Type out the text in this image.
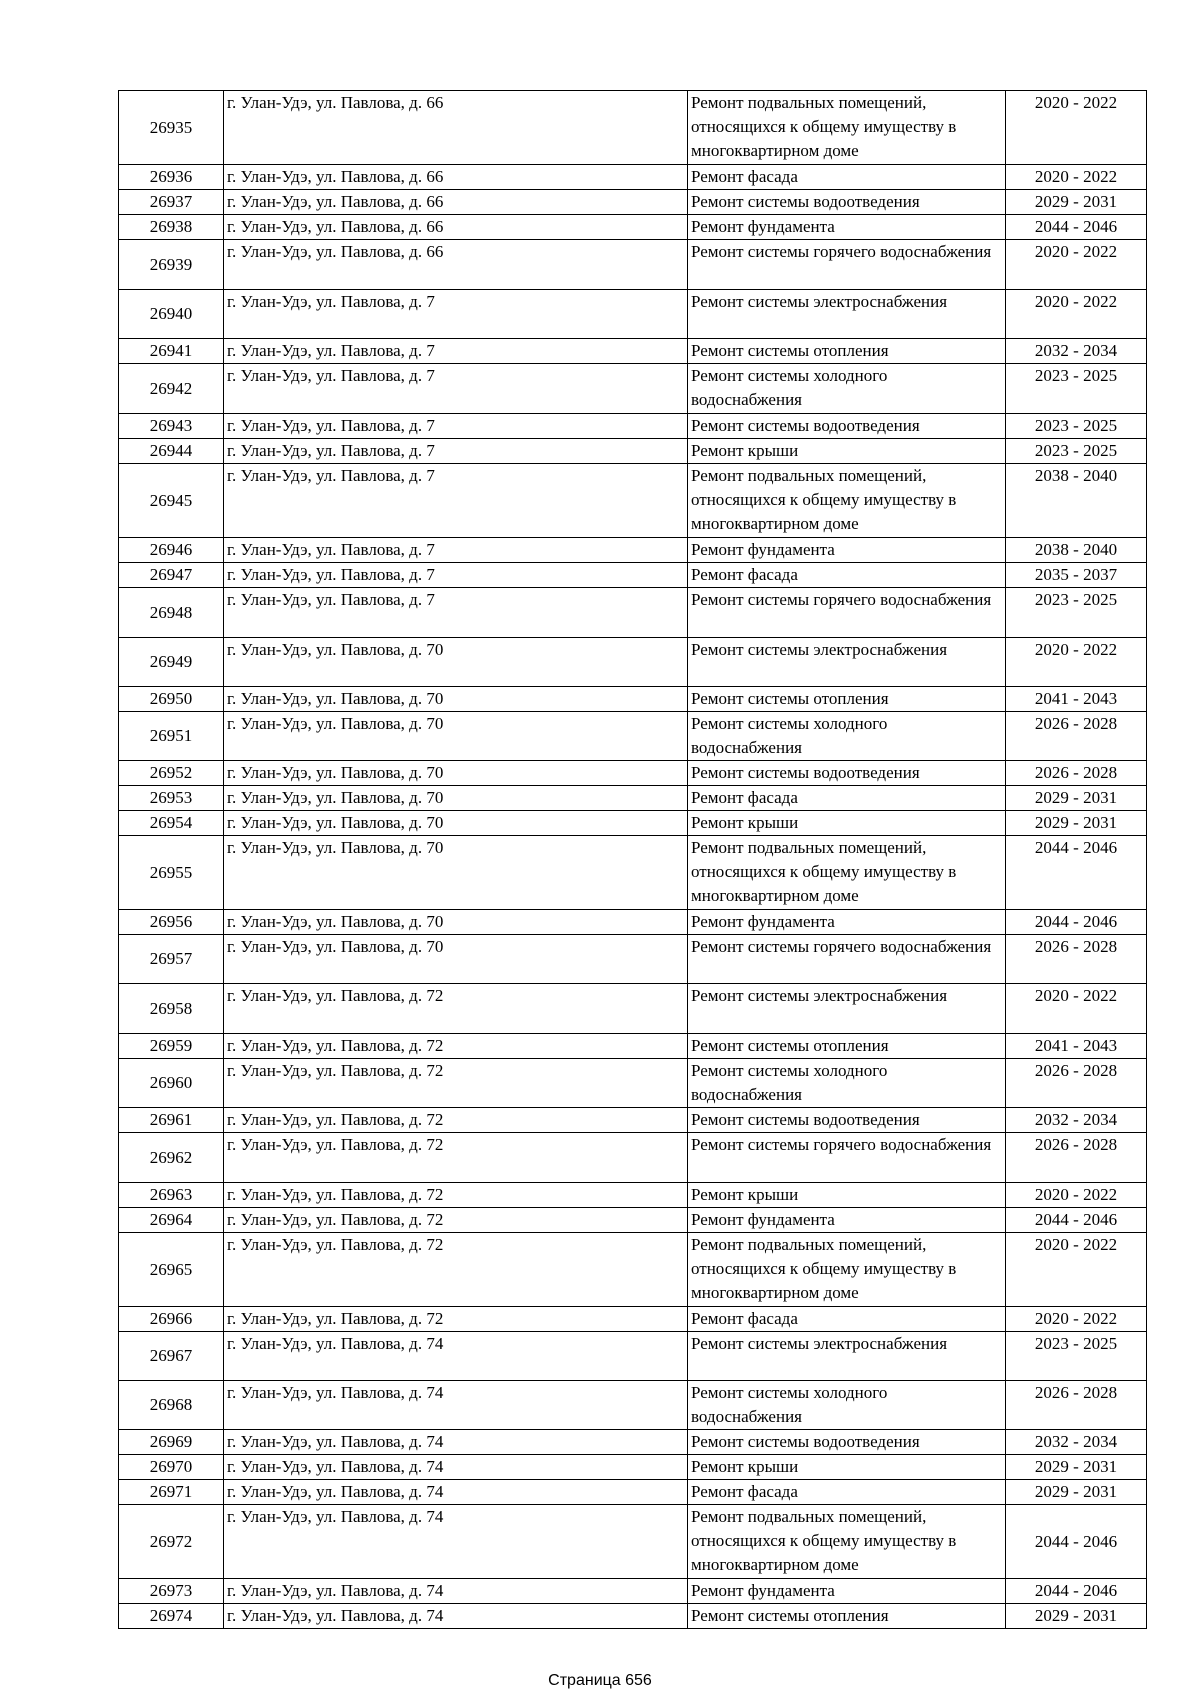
26935	г. Улан-Удэ, ул. Павлова, д. 66	Ремонт подвальных помещений, относящихся к общему имуществу в многоквартирном доме	2020 - 2022
26936	г. Улан-Удэ, ул. Павлова, д. 66	Ремонт фасада	2020 - 2022
26937	г. Улан-Удэ, ул. Павлова, д. 66	Ремонт системы водоотведения	2029 - 2031
26938	г. Улан-Удэ, ул. Павлова, д. 66	Ремонт фундамента	2044 - 2046
26939	г. Улан-Удэ, ул. Павлова, д. 66	Ремонт системы горячего водоснабжения	2020 - 2022
26940	г. Улан-Удэ, ул. Павлова, д. 7	Ремонт системы электроснабжения	2020 - 2022
26941	г. Улан-Удэ, ул. Павлова, д. 7	Ремонт системы отопления	2032 - 2034
26942	г. Улан-Удэ, ул. Павлова, д. 7	Ремонт системы холодного водоснабжения	2023 - 2025
26943	г. Улан-Удэ, ул. Павлова, д. 7	Ремонт системы водоотведения	2023 - 2025
26944	г. Улан-Удэ, ул. Павлова, д. 7	Ремонт крыши	2023 - 2025
26945	г. Улан-Удэ, ул. Павлова, д. 7	Ремонт подвальных помещений, относящихся к общему имуществу в многоквартирном доме	2038 - 2040
26946	г. Улан-Удэ, ул. Павлова, д. 7	Ремонт фундамента	2038 - 2040
26947	г. Улан-Удэ, ул. Павлова, д. 7	Ремонт фасада	2035 - 2037
26948	г. Улан-Удэ, ул. Павлова, д. 7	Ремонт системы горячего водоснабжения	2023 - 2025
26949	г. Улан-Удэ, ул. Павлова, д. 70	Ремонт системы электроснабжения	2020 - 2022
26950	г. Улан-Удэ, ул. Павлова, д. 70	Ремонт системы отопления	2041 - 2043
26951	г. Улан-Удэ, ул. Павлова, д. 70	Ремонт системы холодного водоснабжения	2026 - 2028
26952	г. Улан-Удэ, ул. Павлова, д. 70	Ремонт системы водоотведения	2026 - 2028
26953	г. Улан-Удэ, ул. Павлова, д. 70	Ремонт фасада	2029 - 2031
26954	г. Улан-Удэ, ул. Павлова, д. 70	Ремонт крыши	2029 - 2031
26955	г. Улан-Удэ, ул. Павлова, д. 70	Ремонт подвальных помещений, относящихся к общему имуществу в многоквартирном доме	2044 - 2046
26956	г. Улан-Удэ, ул. Павлова, д. 70	Ремонт фундамента	2044 - 2046
26957	г. Улан-Удэ, ул. Павлова, д. 70	Ремонт системы горячего водоснабжения	2026 - 2028
26958	г. Улан-Удэ, ул. Павлова, д. 72	Ремонт системы электроснабжения	2020 - 2022
26959	г. Улан-Удэ, ул. Павлова, д. 72	Ремонт системы отопления	2041 - 2043
26960	г. Улан-Удэ, ул. Павлова, д. 72	Ремонт системы холодного водоснабжения	2026 - 2028
26961	г. Улан-Удэ, ул. Павлова, д. 72	Ремонт системы водоотведения	2032 - 2034
26962	г. Улан-Удэ, ул. Павлова, д. 72	Ремонт системы горячего водоснабжения	2026 - 2028
26963	г. Улан-Удэ, ул. Павлова, д. 72	Ремонт крыши	2020 - 2022
26964	г. Улан-Удэ, ул. Павлова, д. 72	Ремонт фундамента	2044 - 2046
26965	г. Улан-Удэ, ул. Павлова, д. 72	Ремонт подвальных помещений, относящихся к общему имуществу в многоквартирном доме	2020 - 2022
26966	г. Улан-Удэ, ул. Павлова, д. 72	Ремонт фасада	2020 - 2022
26967	г. Улан-Удэ, ул. Павлова, д. 74	Ремонт системы электроснабжения	2023 - 2025
26968	г. Улан-Удэ, ул. Павлова, д. 74	Ремонт системы холодного водоснабжения	2026 - 2028
26969	г. Улан-Удэ, ул. Павлова, д. 74	Ремонт системы водоотведения	2032 - 2034
26970	г. Улан-Удэ, ул. Павлова, д. 74	Ремонт крыши	2029 - 2031
26971	г. Улан-Удэ, ул. Павлова, д. 74	Ремонт фасада	2029 - 2031
26972	г. Улан-Удэ, ул. Павлова, д. 74	Ремонт подвальных помещений, относящихся к общему имуществу в многоквартирном доме	2044 - 2046
26973	г. Улан-Удэ, ул. Павлова, д. 74	Ремонт фундамента	2044 - 2046
26974	г. Улан-Удэ, ул. Павлова, д. 74	Ремонт системы отопления	2029 - 2031
Страница 656
